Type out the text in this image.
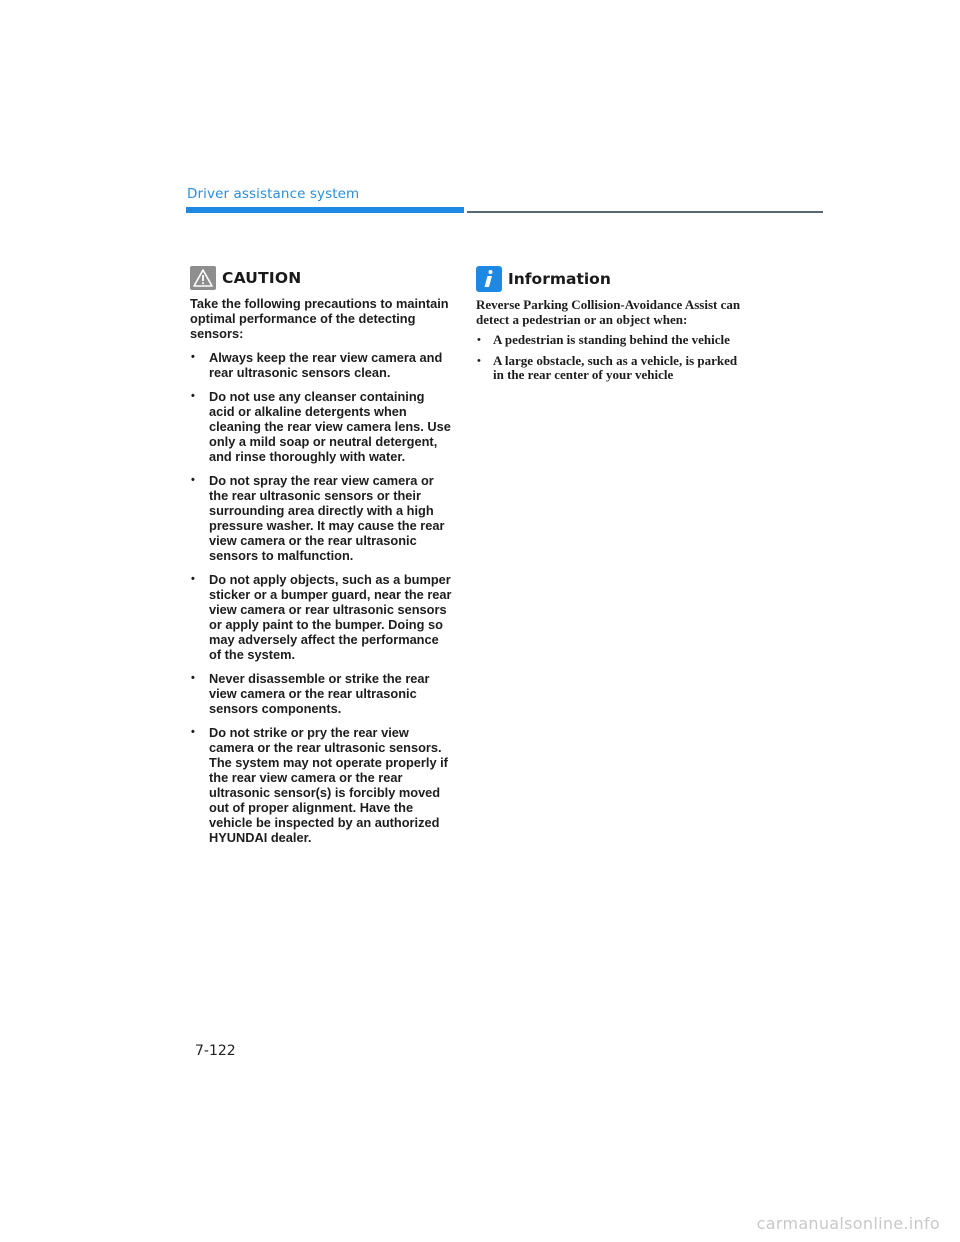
Driver assistance system
CAUTION

Take the following precautions to maintain optimal performance of the detecting sensors:

• Always keep the rear view camera and rear ultrasonic sensors clean.
• Do not use any cleanser containing acid or alkaline detergents when cleaning the rear view camera lens. Use only a mild soap or neutral detergent, and rinse thoroughly with water.
• Do not spray the rear view camera or the rear ultrasonic sensors or their surrounding area directly with a high pressure washer. It may cause the rear view camera or the rear ultrasonic sensors to malfunction.
• Do not apply objects, such as a bumper sticker or a bumper guard, near the rear view camera or rear ultrasonic sensors or apply paint to the bumper. Doing so may adversely affect the performance of the system.
• Never disassemble or strike the rear view camera or the rear ultrasonic sensors components.
• Do not strike or pry the rear view camera or the rear ultrasonic sensors. The system may not operate properly if the rear view camera or the rear ultrasonic sensor(s) is forcibly moved out of proper alignment. Have the vehicle be inspected by an authorized HYUNDAI dealer.
Information

Reverse Parking Collision-Avoidance Assist can detect a pedestrian or an object when:

• A pedestrian is standing behind the vehicle
• A large obstacle, such as a vehicle, is parked in the rear center of your vehicle
7-122
carmanualsonline.info
